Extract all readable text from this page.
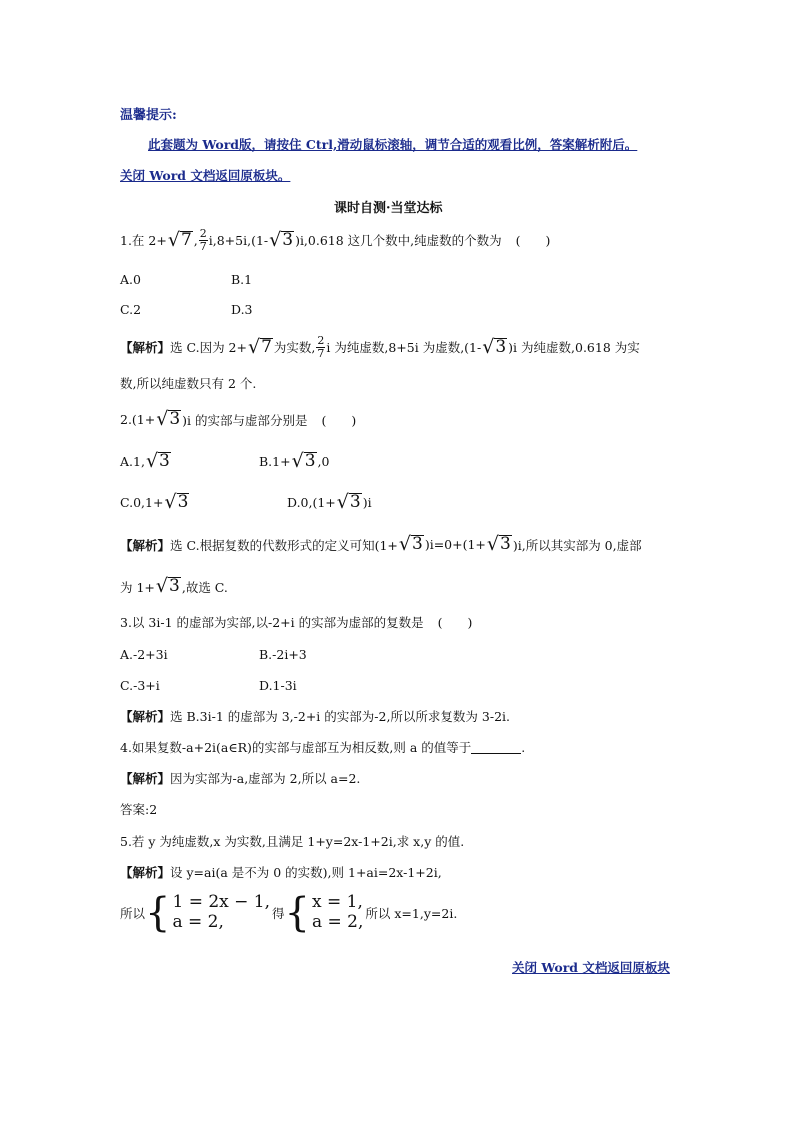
温馨提示:
此套题为 Word版，请按住 Ctrl,滑动鼠标滚轴，调节合适的观看比例，答案解析附后。
关闭 Word 文档返回原板块。
课时自测·当堂达标
1.在 2+ √ 7 , $\frac{2}{7} i,8+5i,(1-$ √ 3 )i,0.618 这几个数中,纯虚数的个数为 (　　)
A.0	B.1
C.2	D.3
【解析】 选 C.因为 2+ √ 7 为实数, $\frac{2}{7}$ i 为纯虚数,8+5i 为虚数,(1- √ 3 )i 为纯虚数,0.618 为实
数,所以纯虚数只有 2 个.
2.(1+ √ 3 )i 的实部与虚部分别是 (　　)
A.1, √ 3	B.1+ √ 3 ,0
C.0,1+ √ 3	D.0,(1+ √ 3 )i
【解析】 选 C.根据复数的代数形式的定义可知(1+ √ 3 )i=0+(1+ √ 3 )i,所以其实部为 0,虚部
为 1+ √ 3 ,故选 C.
3.以 3i-1 的虚部为实部,以-2+i 的实部为虚部的复数是 (　　)
A.-2+3i	B.-2i+3
C.-3+i	D.1-3i
【解析】 选 B.3i-1 的虚部为 3,-2+i 的实部为-2,所以所求复数为 3-2i.
4.如果复数-a+2i(a∈R)的实部与虚部互为相反数,则 a 的值等于	.
【解析】 因为实部为-a,虚部为 2,所以 a=2.
答案:2
5.若 y 为纯虚数,x 为实数,且满足 1+y=2x-1+2i,求 x,y 的值.
【解析】 设 y=ai(a 是不为 0 的实数),则 1+ai=2x-1+2i,
所以 { 1 = 2x − 1,
a = 2,	得 { x = 1,
a = 2, 所以 x=1,y=2i.
关闭 Word 文档返回原板块
